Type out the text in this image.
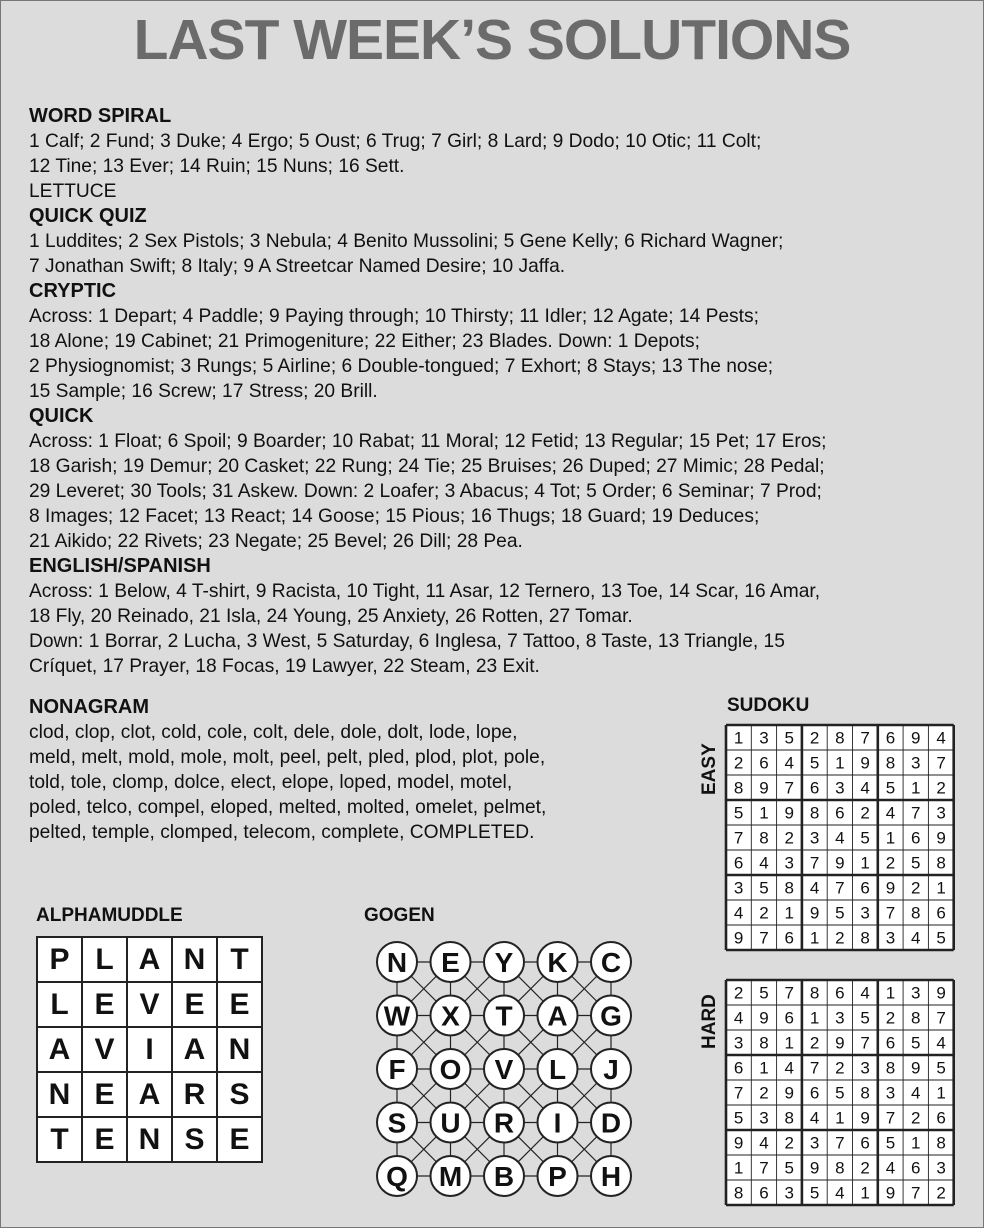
LAST WEEK’S SOLUTIONS
WORD SPIRAL
1 Calf; 2 Fund; 3 Duke; 4 Ergo; 5 Oust; 6 Trug; 7 Girl; 8 Lard; 9 Dodo; 10 Otic; 11 Colt;
12 Tine; 13 Ever; 14 Ruin; 15 Nuns; 16 Sett.
LETTUCE
QUICK QUIZ
1 Luddites; 2 Sex Pistols; 3 Nebula; 4 Benito Mussolini; 5 Gene Kelly; 6 Richard Wagner;
7 Jonathan Swift; 8 Italy; 9 A Streetcar Named Desire; 10 Jaffa.
CRYPTIC
Across: 1 Depart; 4 Paddle; 9 Paying through; 10 Thirsty; 11 Idler; 12 Agate; 14 Pests;
18 Alone; 19 Cabinet; 21 Primogeniture; 22 Either; 23 Blades. Down: 1 Depots;
2 Physiognomist; 3 Rungs; 5 Airline; 6 Double-tongued; 7 Exhort; 8 Stays; 13 The nose;
15 Sample; 16 Screw; 17 Stress; 20 Brill.
QUICK
Across: 1 Float; 6 Spoil; 9 Boarder; 10 Rabat; 11 Moral; 12 Fetid; 13 Regular; 15 Pet; 17 Eros;
18 Garish; 19 Demur; 20 Casket; 22 Rung; 24 Tie; 25 Bruises; 26 Duped; 27 Mimic; 28 Pedal;
29 Leveret; 30 Tools; 31 Askew. Down: 2 Loafer; 3 Abacus; 4 Tot; 5 Order; 6 Seminar; 7 Prod;
8 Images; 12 Facet; 13 React; 14 Goose; 15 Pious; 16 Thugs; 18 Guard; 19 Deduces;
21 Aikido; 22 Rivets; 23 Negate; 25 Bevel; 26 Dill; 28 Pea.
ENGLISH/SPANISH
Across: 1 Below, 4 T-shirt, 9 Racista, 10 Tight, 11 Asar, 12 Ternero, 13 Toe, 14 Scar, 16 Amar,
18 Fly, 20 Reinado, 21 Isla, 24 Young, 25 Anxiety, 26 Rotten, 27 Tomar.
Down: 1 Borrar, 2 Lucha, 3 West, 5 Saturday, 6 Inglesa, 7 Tattoo, 8 Taste, 13 Triangle, 15
Críquet, 17 Prayer, 18 Focas, 19 Lawyer, 22 Steam, 23 Exit.
NONAGRAM
clod, clop, clot, cold, cole, colt, dele, dole, dolt, lode, lope,
meld, melt, mold, mole, molt, peel, pelt, pled, plod, plot, pole,
told, tole, clomp, dolce, elect, elope, loped, model, motel,
poled, telco, compel, eloped, melted, molted, omelet, pelmet,
pelted, temple, clomped, telecom, complete, COMPLETED.
SUDOKU
EASY
HARD
1 3 5 2 8 7 6 9 4
2 6 4 5 1 9 8 3 7
8 9 7 6 3 4 5 1 2
5 1 9 8 6 2 4 7 3
7 8 2 3 4 5 1 6 9
6 4 3 7 9 1 2 5 8
3 5 8 4 7 6 9 2 1
4 2 1 9 5 3 7 8 6
9 7 6 1 2 8 3 4 5
2 5 7 8 6 4 1 3 9
4 9 6 1 3 5 2 8 7
3 8 1 2 9 7 6 5 4
6 1 4 7 2 3 8 9 5
7 2 9 6 5 8 3 4 1
5 3 8 4 1 9 7 2 6
9 4 2 3 7 6 5 1 8
1 7 5 9 8 2 4 6 3
8 6 3 5 4 1 9 7 2
ALPHAMUDDLE
P	L	A	N	T
L	E	V	E	E
A	V	I	A	N
N	E	A	R	S
T	E	N	S	E
GOGEN
N E Y K C
W X T A G
F O V L J
S U R I D
Q M B P H
